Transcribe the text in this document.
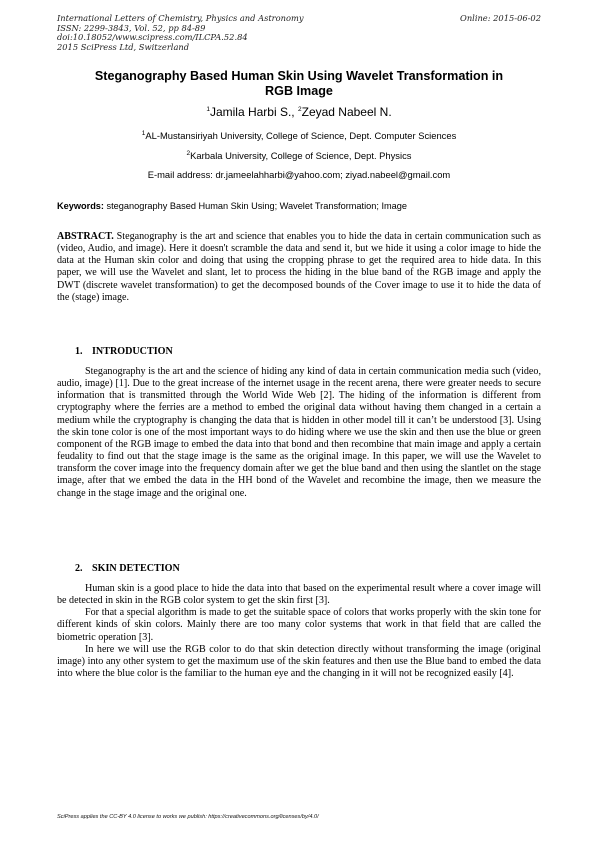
International Letters of Chemistry, Physics and Astronomy	Online: 2015-06-02
ISSN: 2299-3843, Vol. 52, pp 84-89
doi:10.18052/www.scipress.com/ILCPA.52.84
2015 SciPress Ltd, Switzerland
Steganography Based Human Skin Using Wavelet Transformation in
RGB Image
$^1$Jamila Harbi S., $^2$Zeyad Nabeel N.
$^1$AL-Mustansiriyah University, College of Science, Dept. Computer Sciences
$^2$Karbala University, College of Science, Dept. Physics
E-mail address: dr.jameelahharbi@yahoo.com; ziyad.nabeel@gmail.com
Keywords: steganography Based Human Skin Using; Wavelet Transformation; Image
ABSTRACT. Steganography is the art and science that enables you to hide the data in certain communication such as (video, Audio, and image). Here it doesn't scramble the data and send it, but we hide it using a color image to hide the data at the Human skin color and doing that using the cropping phrase to get the required area to hide data. In this paper, we will use the Wavelet and slant, let to process the hiding in the blue band of the RGB image and apply the DWT (discrete wavelet transformation) to get the decomposed bounds of the Cover image to use it to hide the data of the (stage) image.
1. INTRODUCTION

Steganography is the art and the science of hiding any kind of data in certain communication media such (video, audio, image) [1]. Due to the great increase of the internet usage in the recent arena, there were greater needs to secure information that is transmitted through the World Wide Web [2]. The hiding of the information is different from cryptography where the ferries are a method to embed the original data without having them changed in a certain a medium while the cryptography is changing the data that is hidden in other model till it can’t be understood [3]. Using the skin tone color is one of the most important ways to do hiding where we use the skin and then use the blue or green component of the RGB image to embed the data into that bond and then recombine that main image and apply a certain feudality to find out that the stage image is the same as the original image. In this paper, we will use the Wavelet to transform the cover image into the frequency domain after we get the blue band and then using the slantlet on the stage image, after that we embed the data in the HH bond of the Wavelet and recombine the image, then we measure the change in the stage image and the original one.

2. SKIN DETECTION

Human skin is a good place to hide the data into that based on the experimental result where a cover image will be detected in skin in the RGB color system to get the skin first [3].

For that a special algorithm is made to get the suitable space of colors that works properly with the skin tone for different kinds of skin colors. Mainly there are too many color systems that work in that field that are called the biometric operation [3].

In here we will use the RGB color to do that skin detection directly without transforming the image (original image) into any other system to get the maximum use of the skin features and then use the Blue band to embed the data into where the blue color is the familiar to the human eye and the changing in it will not be recognized easily [4].

SciPress applies the CC-BY 4.0 license to works we publish: https://creativecommons.org/licenses/by/4.0/
